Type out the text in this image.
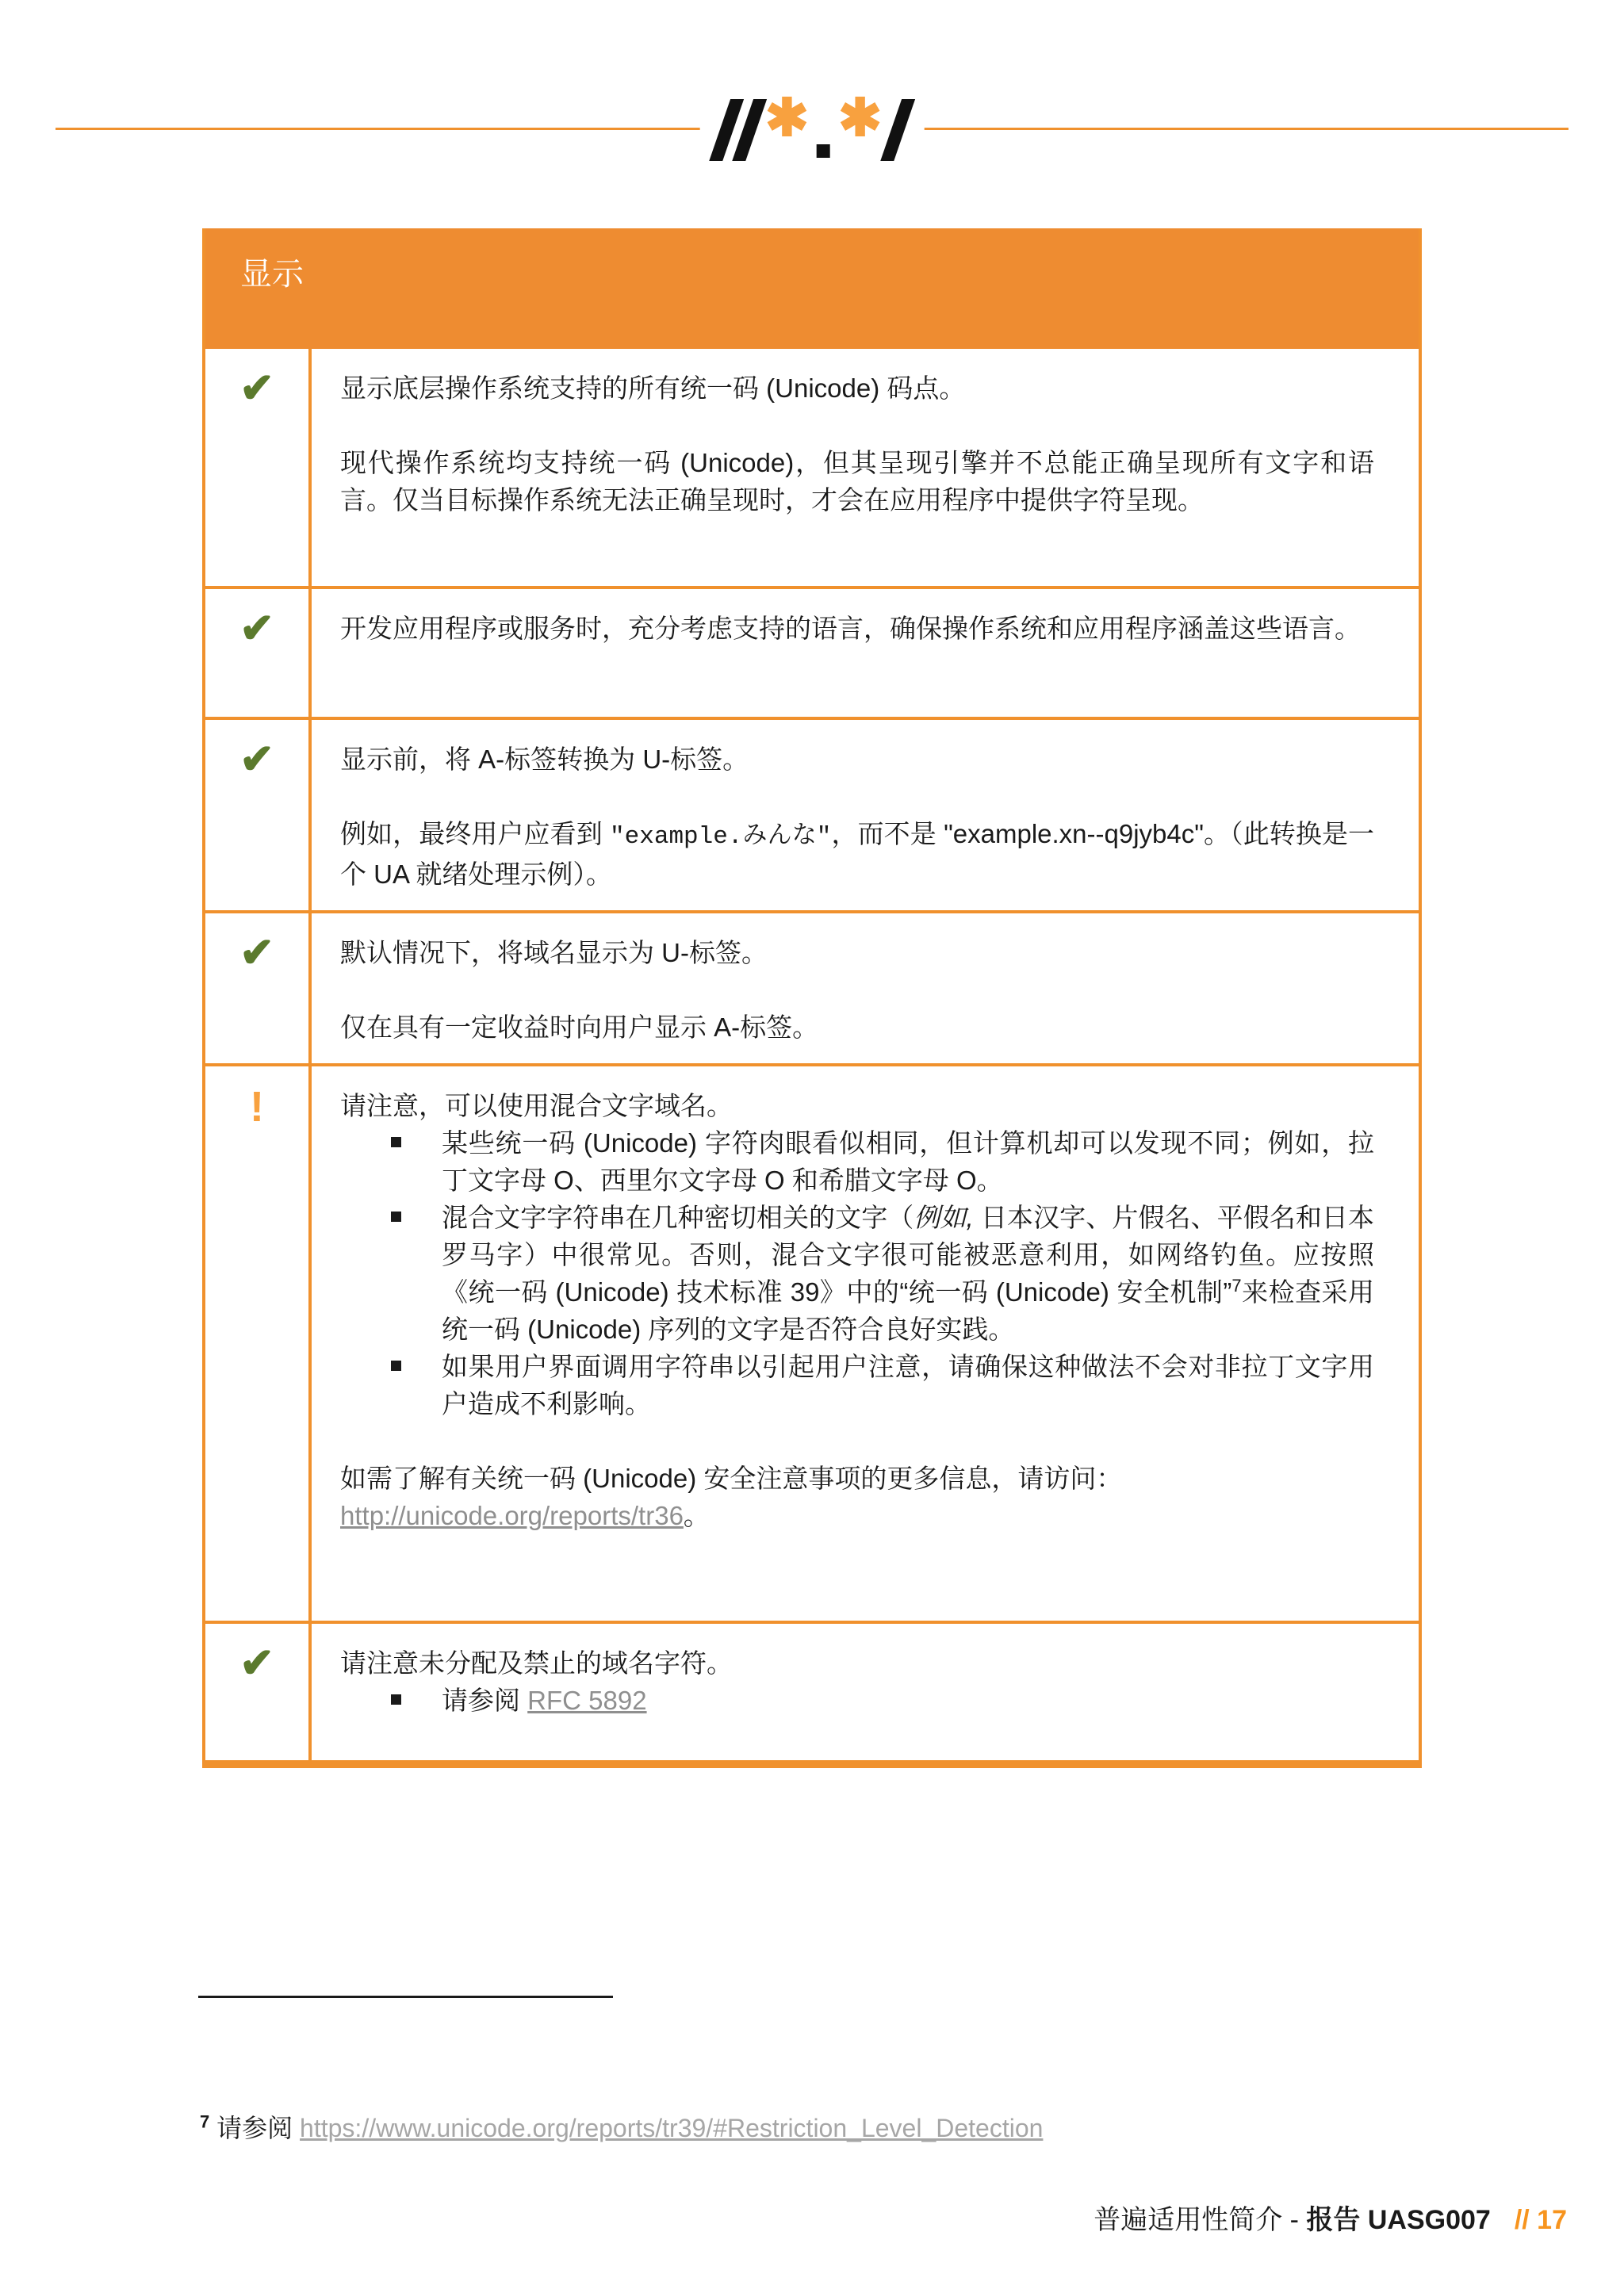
✱ ✱
显示
✔	显示底层操作系统支持的所有统一码 (Unicode) 码点。

现代操作系统均支持统一码 (Unicode)，但其呈现引擎并不总能正确呈现所有文字和语言。仅当目标操作系统无法正确呈现时，才会在应用程序中提供字符呈现。

✔	开发应用程序或服务时，充分考虑支持的语言，确保操作系统和应用程序涵盖这些语言。

✔	显示前，将 A-标签转换为 U-标签。

例如，最终用户应看到 "example.みんな"，而不是 "example.xn--q9jyb4c"。（此转换是一个 UA 就绪处理示例）。

✔	默认情况下，将域名显示为 U-标签。

仅在具有一定收益时向用户显示 A-标签。

!	请注意，可以使用混合文字域名。

某些统一码 (Unicode) 字符肉眼看似相同，但计算机却可以发现不同；例如，拉丁文字母 O、西里尔文字母 O 和希腊文字母 O。
混合文字字符串在几种密切相关的文字（例如, 日本汉字、片假名、平假名和日本罗马字）中很常见。否则，混合文字很可能被恶意利用，如网络钓鱼。应按照《统一码 (Unicode) 技术标准 39》中的“统一码 (Unicode) 安全机制”$^7$来检查采用统一码 (Unicode) 序列的文字是否符合良好实践。
如果用户界面调用字符串以引起用户注意，请确保这种做法不会对非拉丁文字用户造成不利影响。

如需了解有关统一码 (Unicode) 安全注意事项的更多信息，请访问：

http://unicode.org/reports/tr36。

✔	请注意未分配及禁止的域名字符。

请参阅 RFC 5892
$^7$ 请参阅 https://www.unicode.org/reports/tr39/#Restriction_Level_Detection
普遍适用性简介 - 报告 UASG007 // 17
